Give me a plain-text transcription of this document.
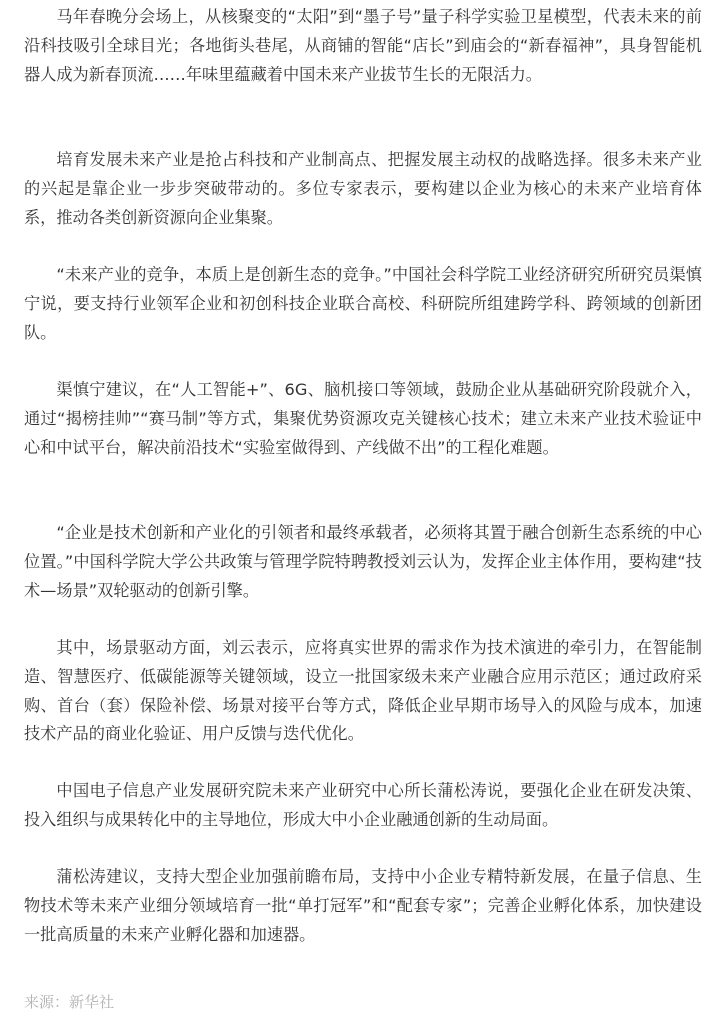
马年春晚分会场上，从核聚变的“太阳”到“墨子号”量子科学实验卫星模型，代表未来的前沿科技吸引全球目光；各地街头巷尾，从商铺的智能“店长”到庙会的“新春福神”，具身智能机器人成为新春顶流……年味里蕴藏着中国未来产业拔节生长的无限活力。

培育发展未来产业是抢占科技和产业制高点、把握发展主动权的战略选择。很多未来产业的兴起是靠企业一步步突破带动的。多位专家表示，要构建以企业为核心的未来产业培育体系，推动各类创新资源向企业集聚。

“未来产业的竞争，本质上是创新生态的竞争。”中国社会科学院工业经济研究所研究员渠慎宁说，要支持行业领军企业和初创科技企业联合高校、科研院所组建跨学科、跨领域的创新团队。

渠慎宁建议，在“人工智能+”、6G、脑机接口等领域，鼓励企业从基础研究阶段就介入，通过“揭榜挂帅”“赛马制”等方式，集聚优势资源攻克关键核心技术；建立未来产业技术验证中心和中试平台，解决前沿技术“实验室做得到、产线做不出”的工程化难题。

“企业是技术创新和产业化的引领者和最终承载者，必须将其置于融合创新生态系统的中心位置。”中国科学院大学公共政策与管理学院特聘教授刘云认为，发挥企业主体作用，要构建“技术—场景”双轮驱动的创新引擎。

其中，场景驱动方面，刘云表示，应将真实世界的需求作为技术演进的牵引力，在智能制造、智慧医疗、低碳能源等关键领域，设立一批国家级未来产业融合应用示范区；通过政府采购、首台（套）保险补偿、场景对接平台等方式，降低企业早期市场导入的风险与成本，加速技术产品的商业化验证、用户反馈与迭代优化。

中国电子信息产业发展研究院未来产业研究中心所长蒲松涛说，要强化企业在研发决策、投入组织与成果转化中的主导地位，形成大中小企业融通创新的生动局面。

蒲松涛建议，支持大型企业加强前瞻布局，支持中小企业专精特新发展，在量子信息、生物技术等未来产业细分领域培育一批“单打冠军”和“配套专家”；完善企业孵化体系，加快建设一批高质量的未来产业孵化器和加速器。

来源：新华社
